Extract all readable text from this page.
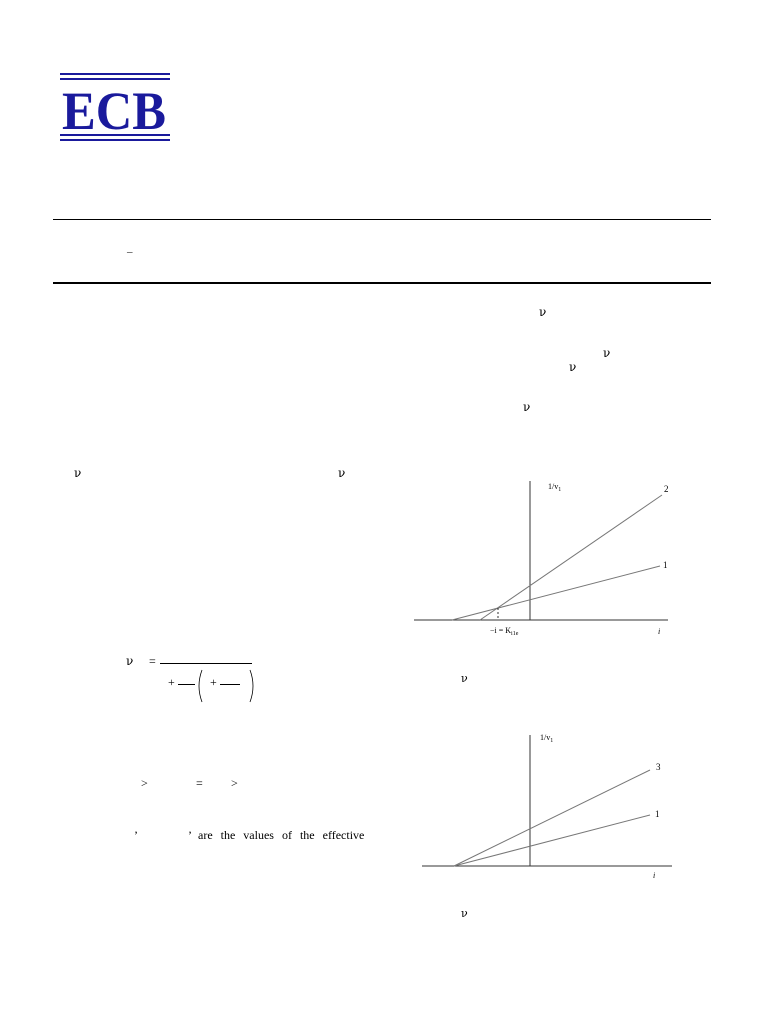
ECB
–
ν
ν
ν
ν
ν	ν
ν =
+	+
>	= >
’	’ are the values of the effective
$1/v_1$	2
1
$-i = K_{i1e}$	i
ν
$1/v_1$
3
1
i
ν
